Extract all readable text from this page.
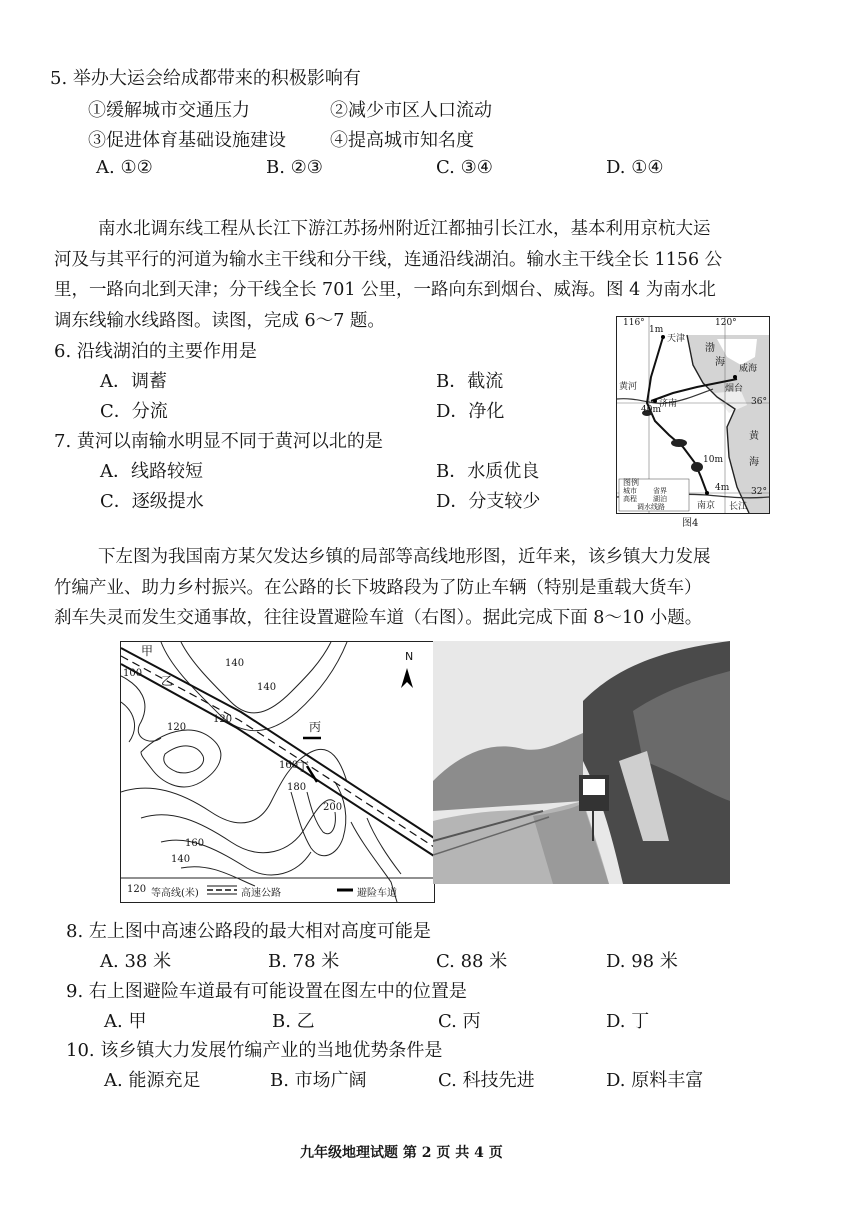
5. 举办大运会给成都带来的积极影响有
①缓解城市交通压力	②减少市区人口流动
③促进体育基础设施建设 ④提高城市知名度
A. ①②	B. ②③	C. ③④	D. ①④

南水北调东线工程从长江下游江苏扬州附近江都抽引长江水，基本利用京杭大运

河及与其平行的河道为输水主干线和分干线，连通沿线湖泊。输水主干线全长 1156 公

里，一路向北到天津；分干线全长 701 公里，一路向东到烟台、威海。图 4 为南水北

调东线输水线路图。读图，完成 6～7 题。

6. 沿线湖泊的主要作用是
A．调蓄	B．截流
C．分流	D．净化
7. 黄河以南输水明显不同于黄河以北的是
A．线路较短	B．水质优良
C．逐级提水	D．分支较少
116°	120°
36°
32°
天津
济南
烟台
威海
南京 长江
渤
海
黄
海
黄河
1m
40m
10m
4m
图例
城市 省界
高程 湖泊
调水线路
图4

下左图为我国南方某欠发达乡镇的局部等高线地形图，近年来，该乡镇大力发展

竹编产业、助力乡村振兴。在公路的长下坡路段为了防止车辆（特别是重载大货车）

刹车失灵而发生交通事故，往往设置避险车道（右图）。据此完成下面 8～10 小题。

N
甲
乙
丙
丁
140
100
140
120
120
160
180
200
160
140
120 等高线(米)	高速公路	避险车道
8. 左上图中高速公路段的最大相对高度可能是
A. 38 米	B. 78 米	C. 88 米	D. 98 米
9. 右上图避险车道最有可能设置在图左中的位置是
A. 甲	B. 乙	C. 丙	D. 丁
10. 该乡镇大力发展竹编产业的当地优势条件是
A. 能源充足	B. 市场广阔	C. 科技先进	D. 原料丰富
九年级地理试题 第 2 页 共 4 页
